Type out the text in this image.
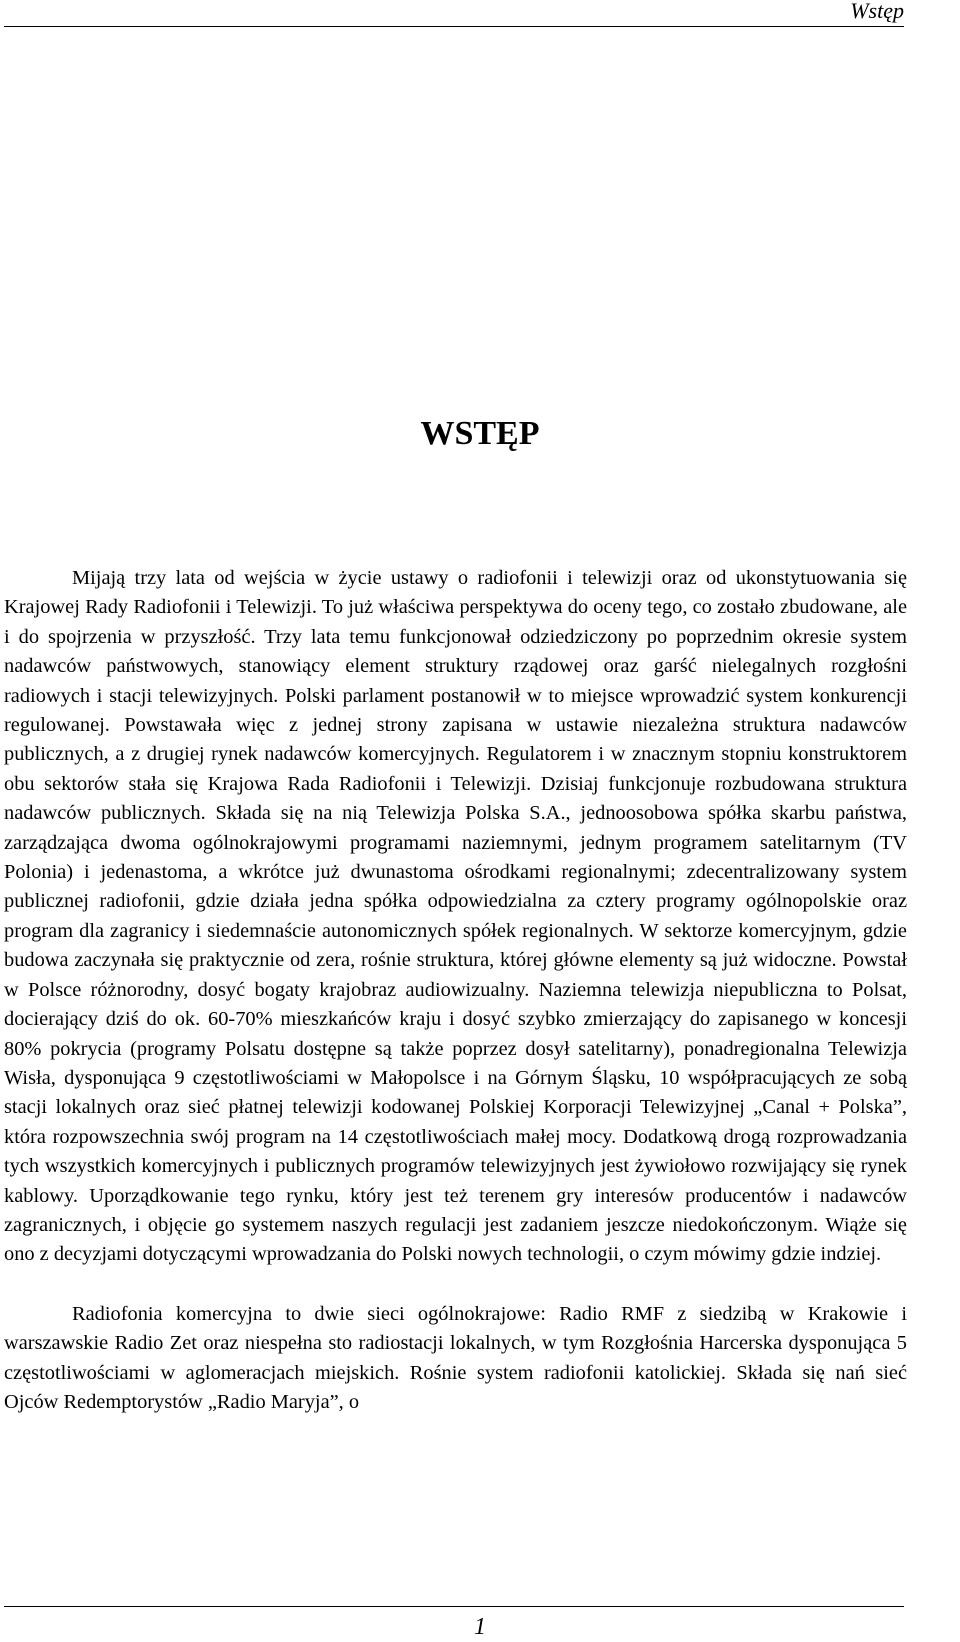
Wstęp
WSTĘP

Mijają trzy lata od wejścia w życie ustawy o radiofonii i telewizji oraz od ukonstytuowania się Krajowej Rady Radiofonii i Telewizji. To już właściwa perspektywa do oceny tego, co zostało zbudowane, ale i do spojrzenia w przyszłość. Trzy lata temu funkcjonował odziedziczony po poprzednim okresie system nadawców państwowych, stanowiący element struktury rządowej oraz garść nielegalnych rozgłośni radiowych i stacji telewizyjnych. Polski parlament postanowił w to miejsce wprowadzić system konkurencji regulowanej. Powstawała więc z jednej strony zapisana w ustawie niezależna struktura nadawców publicznych, a z drugiej rynek nadawców komercyjnych. Regulatorem i w znacznym stopniu konstruktorem obu sektorów stała się Krajowa Rada Radiofonii i Telewizji. Dzisiaj funkcjonuje rozbudowana struktura nadawców publicznych. Składa się na nią Telewizja Polska S.A., jednoosobowa spółka skarbu państwa, zarządzająca dwoma ogólnokrajowymi programami naziemnymi, jednym programem satelitarnym (TV Polonia) i jedenastoma, a wkrótce już dwunastoma ośrodkami regionalnymi; zdecentralizowany system publicznej radiofonii, gdzie działa jedna spółka odpowiedzialna za cztery programy ogólnopolskie oraz program dla zagranicy i siedemnaście autonomicznych spółek regionalnych. W sektorze komercyjnym, gdzie budowa zaczynała się praktycznie od zera, rośnie struktura, której główne elementy są już widoczne. Powstał w Polsce różnorodny, dosyć bogaty krajobraz audiowizualny. Naziemna telewizja niepubliczna to Polsat, docierający dziś do ok. 60-70% mieszkańców kraju i dosyć szybko zmierzający do zapisanego w koncesji 80% pokrycia (programy Polsatu dostępne są także poprzez dosył satelitarny), ponadregionalna Telewizja Wisła, dysponująca 9 częstotliwościami w Małopolsce i na Górnym Śląsku, 10 współpracujących ze sobą stacji lokalnych oraz sieć płatnej telewizji kodowanej Polskiej Korporacji Telewizyjnej „Canal + Polska”, która rozpowszechnia swój program na 14 częstotliwościach małej mocy. Dodatkową drogą rozprowadzania tych wszystkich komercyjnych i publicznych programów telewizyjnych jest żywiołowo rozwijający się rynek kablowy. Uporządkowanie tego rynku, który jest też terenem gry interesów producentów i nadawców zagranicznych, i objęcie go systemem naszych regulacji jest zadaniem jeszcze niedokończonym. Wiąże się ono z decyzjami dotyczącymi wprowadzania do Polski nowych technologii, o czym mówimy gdzie indziej.

Radiofonia komercyjna to dwie sieci ogólnokrajowe: Radio RMF z siedzibą w Krakowie i warszawskie Radio Zet oraz niespełna sto radiostacji lokalnych, w tym Rozgłośnia Harcerska dysponująca 5 częstotliwościami w aglomeracjach miejskich. Rośnie system radiofonii katolickiej. Składa się nań sieć Ojców Redemptorystów „Radio Maryja”, o

1
